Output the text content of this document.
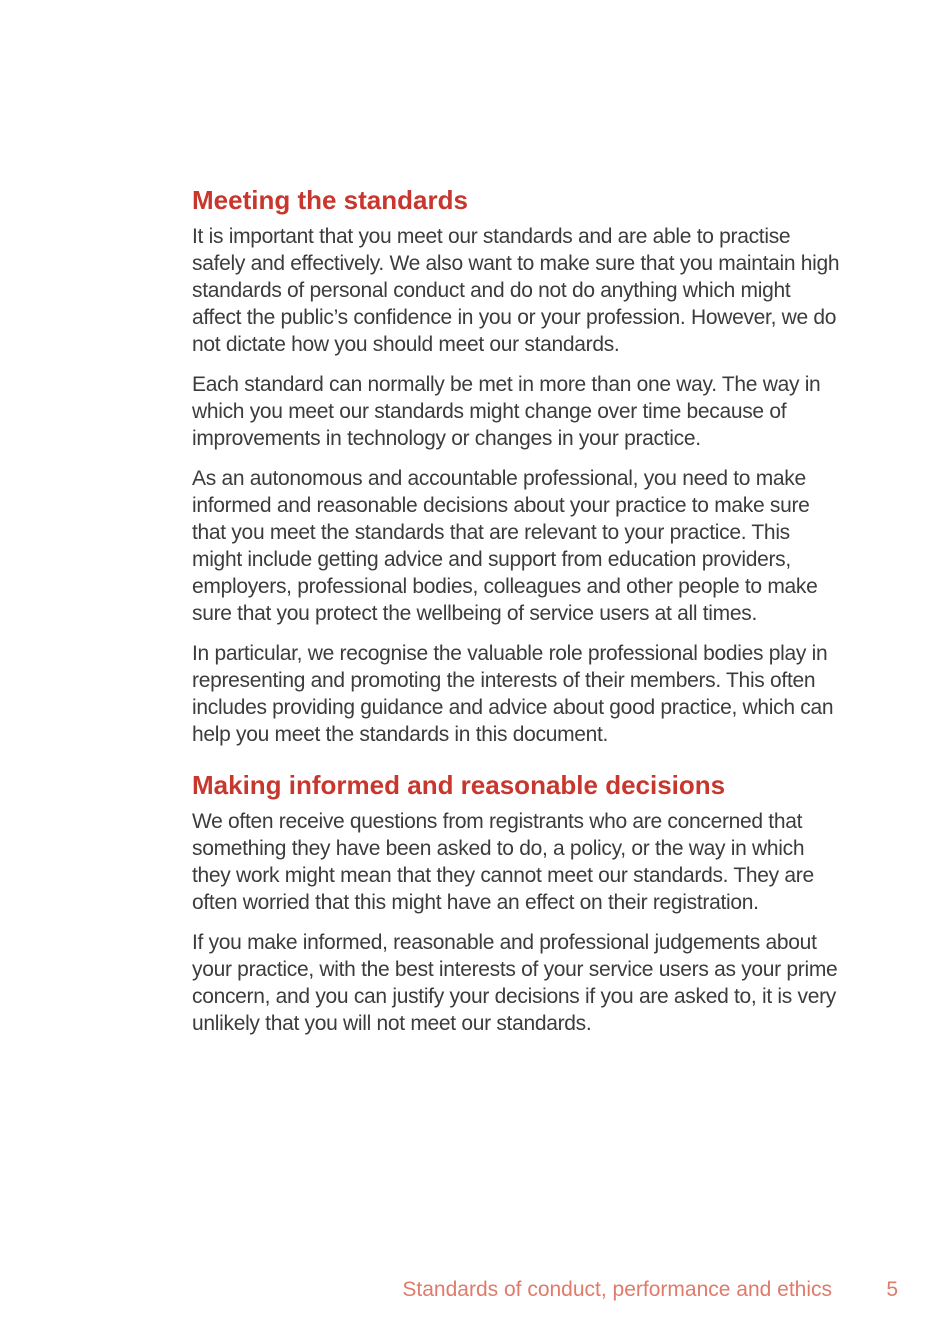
Meeting the standards

It is important that you meet our standards and are able to practise safely and effectively. We also want to make sure that you maintain high standards of personal conduct and do not do anything which might affect the public’s confidence in you or your profession. However, we do not dictate how you should meet our standards.

Each standard can normally be met in more than one way. The way in which you meet our standards might change over time because of improvements in technology or changes in your practice.

As an autonomous and accountable professional, you need to make informed and reasonable decisions about your practice to make sure that you meet the standards that are relevant to your practice. This might include getting advice and support from education providers, employers, professional bodies, colleagues and other people to make sure that you protect the wellbeing of service users at all times.

In particular, we recognise the valuable role professional bodies play in representing and promoting the interests of their members. This often includes providing guidance and advice about good practice, which can help you meet the standards in this document.

Making informed and reasonable decisions

We often receive questions from registrants who are concerned that something they have been asked to do, a policy, or the way in which they work might mean that they cannot meet our standards. They are often worried that this might have an effect on their registration.

If you make informed, reasonable and professional judgements about your practice, with the best interests of your service users as your prime concern, and you can justify your decisions if you are asked to, it is very unlikely that you will not meet our standards.

Standards of conduct, performance and ethics	5
